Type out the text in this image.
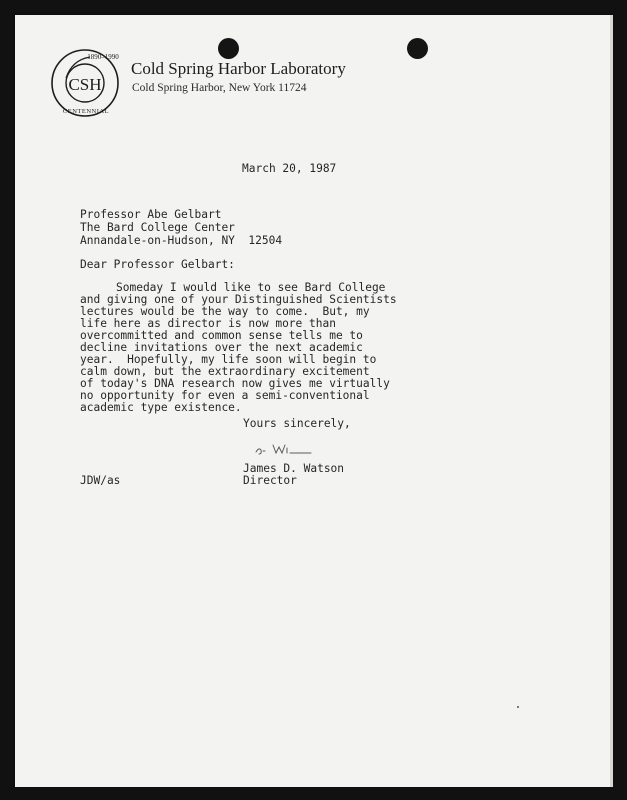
CSH
1890–1990
CENTENNIAL
Cold Spring Harbor Laboratory
Cold Spring Harbor, New York 11724
March 20, 1987
Professor Abe Gelbart
The Bard College Center
Annandale-on-Hudson, NY  12504
Dear Professor Gelbart:
Someday I would like to see Bard College
and giving one of your Distinguished Scientists
lectures would be the way to come.  But, my
life here as director is now more than
overcommitted and common sense tells me to
decline invitations over the next academic
year.  Hopefully, my life soon will begin to
calm down, but the extraordinary excitement
of today's DNA research now gives me virtually
no opportunity for even a semi-conventional
academic type existence.
Yours sincerely,
James D. Watson
Director
JDW/as
